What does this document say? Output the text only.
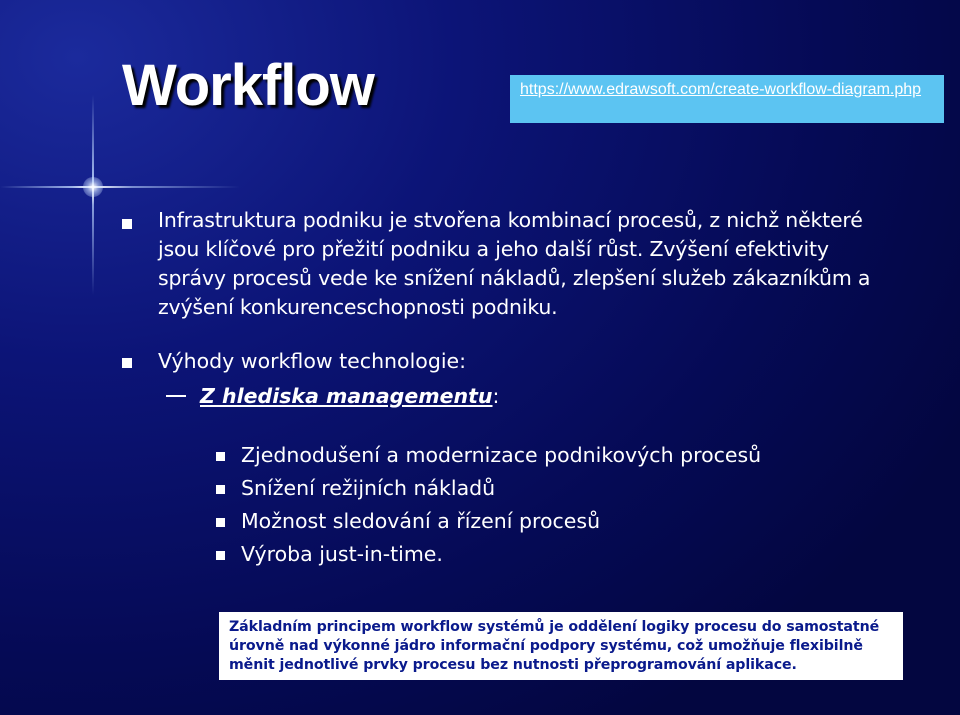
Workflow	https://www.edrawsoft.com/create-workflow-diagram.php
Infrastruktura podniku je stvořena kombinací procesů, z nichž některé jsou klíčové pro přežití podniku a jeho další růst. Zvýšení efektivity správy procesů vede ke snížení nákladů, zlepšení služeb zákazníkům a zvýšení konkurenceschopnosti podniku.
Výhody workflow technologie:
Z hlediska managementu:
Zjednodušení a modernizace podnikových procesů
Snížení režijních nákladů
Možnost sledování a řízení procesů
Výroba just-in-time.
Základním principem workflow systémů je oddělení logiky procesu do samostatné úrovně nad výkonné jádro informační podpory systému, což umožňuje flexibilně měnit jednotlivé prvky procesu bez nutnosti přeprogramování aplikace.
